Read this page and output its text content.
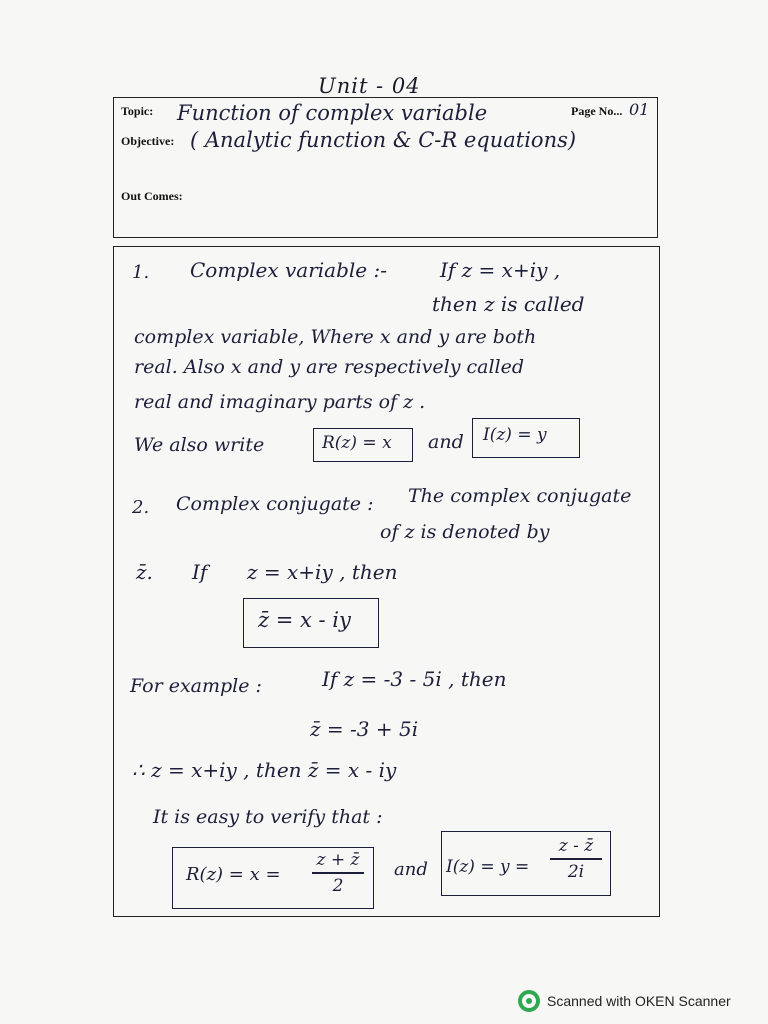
Unit - 04
Topic: Function of complex variable	Page No... 01
Objective: ( Analytic function & C-R equations)
Out Comes:
1. Complex variable :-	If z = x+iy ,
then z is called
complex variable, Where x and y are both
real. Also x and y are respectively called
real and imaginary parts of z .
We also write	R(z) = x and I(z) = y
2. Complex conjugate : The complex conjugate
of z is denoted by
z̄. If z = x+iy , then
z̄ = x - iy
For example :	If z = -3 - 5i , then
z̄ = -3 + 5i
∴ z = x+iy , then z̄ = x - iy
It is easy to verify that :
R(z) = x =
z + z̄
2
and I(z) = y =
z - z̄
2i
Scanned with OKEN Scanner
